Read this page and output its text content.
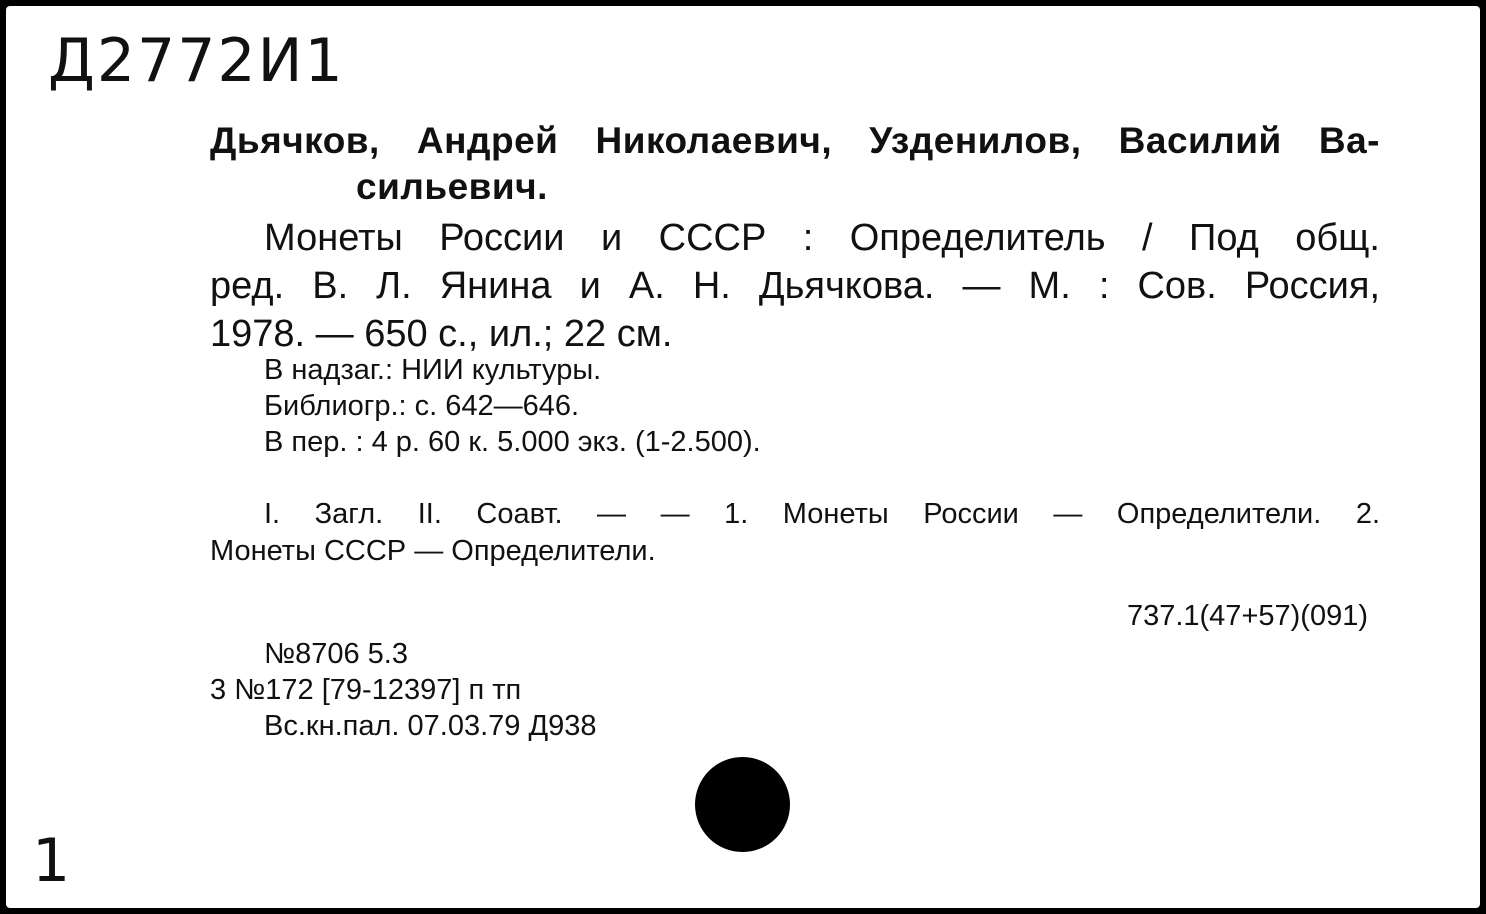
Д2772И1
Дьячков, Андрей Николаевич, Узденилов, Василий Ва-
сильевич.
Монеты России и СССР : Определитель / Под общ.
ред. В. Л. Янина и А. Н. Дьячкова. — М. : Сов. Россия,
1978. — 650 с., ил.; 22 см.
В надзаг.: НИИ культуры.
Библиогр.: с. 642—646.
В пер. : 4 р. 60 к. 5.000 экз. (1-2.500).
I. Загл. II. Соавт. — — 1. Монеты России — Определители. 2.
Монеты СССР — Определители.
737.1(47+57)(091)
№8706 5.3
3 №172 [79-12397] п тп
Вс.кн.пал. 07.03.79 Д938
1
